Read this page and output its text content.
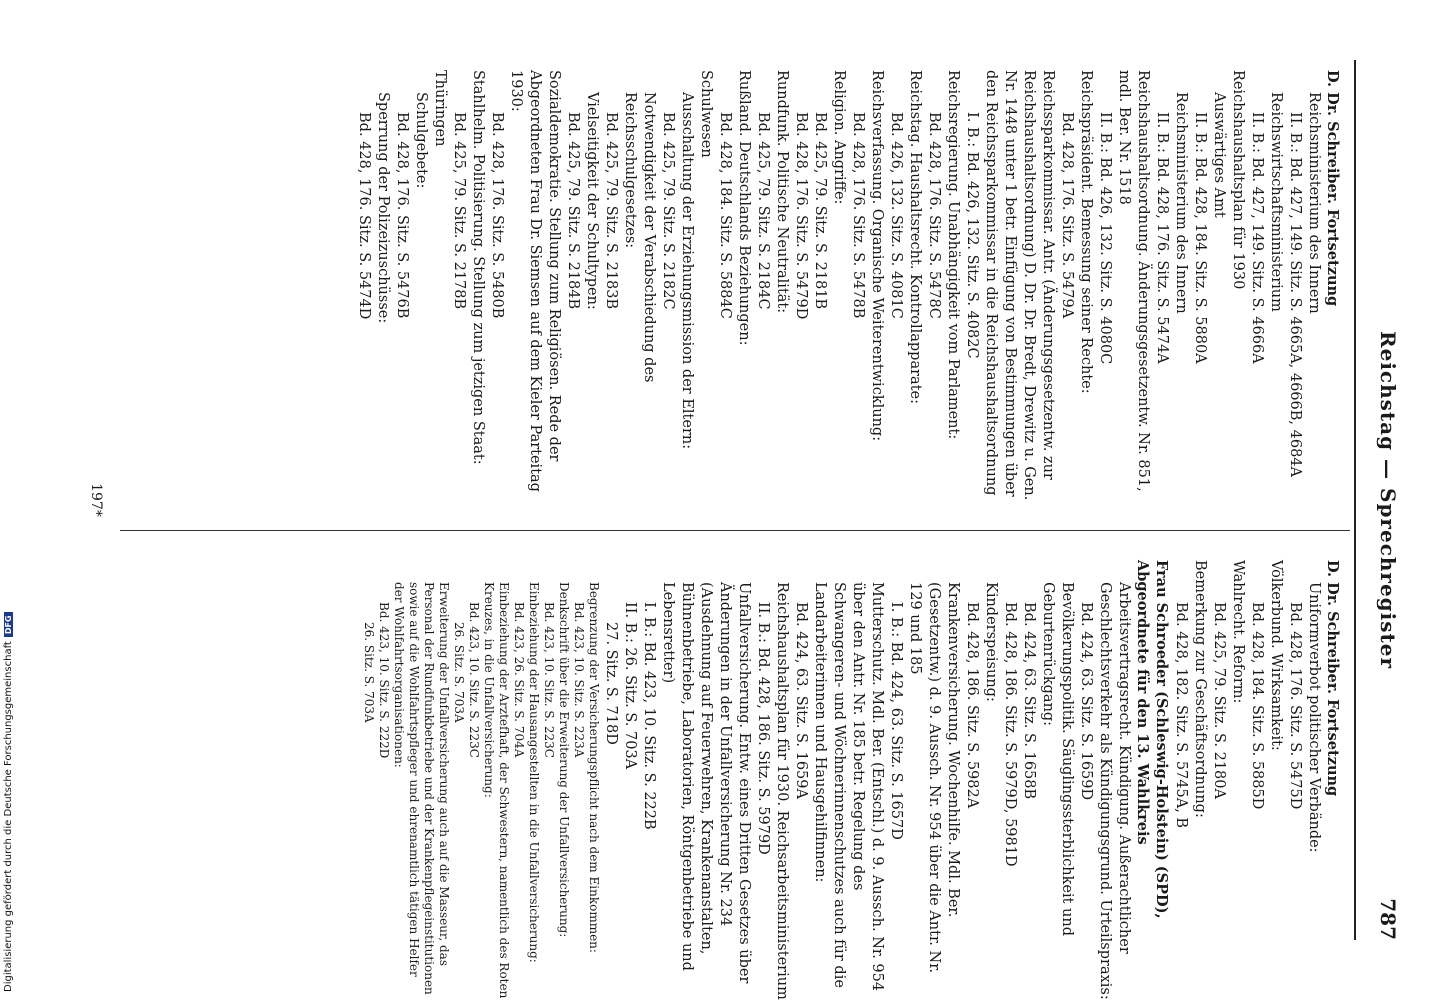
Reichstag — Sprechregister
787

D. Dr. Schreiber. Fortsetzung

Reichsministerium des Innern

II. B.: Bd. 427, 149. Sitz. S. 4665A, 4666B, 4684A

Reichswirtschaftsministerium

II. B.: Bd. 427, 149. Sitz. S. 4666A

Reichshaushaltsplan für 1930

Auswärtiges Amt

II. B.: Bd. 428, 184. Sitz. S. 5880A

Reichsministerium des Innern

II. B.: Bd. 428, 176. Sitz. S. 5474A

Reichshaushaltsordnung. Änderungsgesetzentw. Nr. 851, mdl. Ber. Nr. 1518

II. B.: Bd. 426, 132. Sitz. S. 4080C

Reichspräsident. Bemessung seiner Rechte:

Bd. 428, 176. Sitz. S. 5479A

Reichssparkommissar. Antr. (Änderungsgesetzentw. zur Reichshaushaltsordnung) D. Dr. Dr. Bredt, Drewitz u. Gen. Nr. 1448 unter 1 betr. Einfügung von Bestimmungen über den Reichssparkommissar in die Reichshaushaltsordnung

I. B.: Bd. 426, 132. Sitz. S. 4082C

Reichsregierung. Unabhängigkeit vom Parlament:

Bd. 428, 176. Sitz. S. 5478C

Reichstag. Haushaltsrecht. Kontrollapparate:

Bd. 426, 132. Sitz. S. 4081C

Reichsverfassung. Organische Weiterentwicklung:

Bd. 428, 176. Sitz. S. 5478B

Religion. Angriffe:

Bd. 425, 79. Sitz. S. 2181B

Bd. 428, 176. Sitz. S. 5479D

Rundfunk. Politische Neutralität:

Bd. 425, 79. Sitz. S. 2184C

Rußland. Deutschlands Beziehungen:

Bd. 428, 184. Sitz. S. 5884C

Schulwesen

Ausschaltung der Erziehungsmission der Eltern:

Bd. 425, 79. Sitz. S. 2182C

Notwendigkeit der Verabschiedung des Reichsschulgesetzes:

Bd. 425, 79. Sitz. S. 2183B

Vielseitigkeit der Schultypen:

Bd. 425, 79. Sitz. S. 2184B

Sozialdemokratie. Stellung zum Religiösen. Rede der Abgeordneten Frau Dr. Siemsen auf dem Kieler Parteitag 1930:

Bd. 428, 176. Sitz. S. 5480B

Stahlhelm. Politisierung. Stellung zum jetzigen Staat:

Bd. 425, 79. Sitz. S. 2178B

Thüringen

Schulgebete:

Bd. 428, 176. Sitz. S. 5476B

Sperrung der Polizeizuschüsse:

Bd. 428, 176. Sitz. S. 5474D

D. Dr. Schreiber. Fortsetzung

Uniformverbot politischer Verbände:

Bd. 428, 176. Sitz. S. 5475D

Völkerbund. Wirksamkeit:

Bd. 428, 184. Sitz. S. 5885D

Wahlrecht. Reform:

Bd. 425, 79. Sitz. S. 2180A

Bemerkung zur Geschäftsordnung:

Bd. 428, 182. Sitz. S. 5745A, B

Frau Schroeder (Schleswig-Holstein) (SPD), Abgeordnete für den 13. Wahlkreis

Arbeitsvertragsrecht. Kündigung. Außerachtlicher Geschlechtsverkehr als Kündigungsgrund. Urteilspraxis:

Bd. 424, 63. Sitz. S. 1659D

Bevölkerungspolitik. Säuglingssterblichkeit und Geburtenrückgang:

Bd. 424, 63. Sitz. S. 1658B

Bd. 428, 186. Sitz. S. 5979D, 5981D

Kinderspeisung:

Bd. 428, 186. Sitz. S. 5982A

Krankenversicherung. Wochenhilfe. Mdl. Ber. (Gesetzentw.) d. 9. Aussch. Nr. 954 über die Antr. Nr. 129 und 185

I. B.: Bd. 424, 63. Sitz. S. 1657D

Mutterschutz. Mdl. Ber. (Entschl.) d. 9. Aussch. Nr. 954 über den Antr. Nr. 185 betr. Regelung des Schwangeren- und Wöchnerinnenschutzes auch für die Landarbeiterinnen und Hausgehilfinnen:

Bd. 424, 63. Sitz. S. 1659A

Reichshaushaltsplan für 1930. Reichsarbeitsministerium

II. B.: Bd. 428, 186. Sitz. S. 5979D

Unfallversicherung. Entw. eines Dritten Gesetzes über Änderungen in der Unfallversicherung Nr. 234 (Ausdehnung auf Feuerwehren, Krankenanstalten, Bühnenbetriebe, Laboratorien, Röntgenbetriebe und Lebensretter)

I. B.: Bd. 423, 10. Sitz. S. 222B

II. B.: 26. Sitz. S. 703A

27. Sitz. S. 718D

Begrenzung der Versicherungspflicht nach dem Einkommen:

Bd. 423, 10. Sitz. S. 223A

Denkschrift über die Erweiterung der Unfallversicherung:

Bd. 423, 10. Sitz. S. 223C

Einbeziehung der Hausangestellten in die Unfallversicherung:

Bd. 423, 26. Sitz. S. 704A

Einbeziehung der Arztefhaft, der Schwestern, namentlich des Roten Kreuzes, in die Unfallversicherung:

Bd. 423, 10. Sitz. S. 223C

26. Sitz. S. 703A

Erweiterung der Unfallversicherung auch auf die Masseur, das Personal der Rundfunkbetriebe und der Krankenpflegeinstitutionen sowie auf die Wohlfahrtspfleger und ehrenamtlich tätigen Helfer der Wohlfahrtsorganisationen:

Bd. 423, 10. Sitz. S. 222D

26. Sitz. S. 703A

197*
Digitalisierung gefördert durch die Deutsche ForschungsgemeinschaftDFG
